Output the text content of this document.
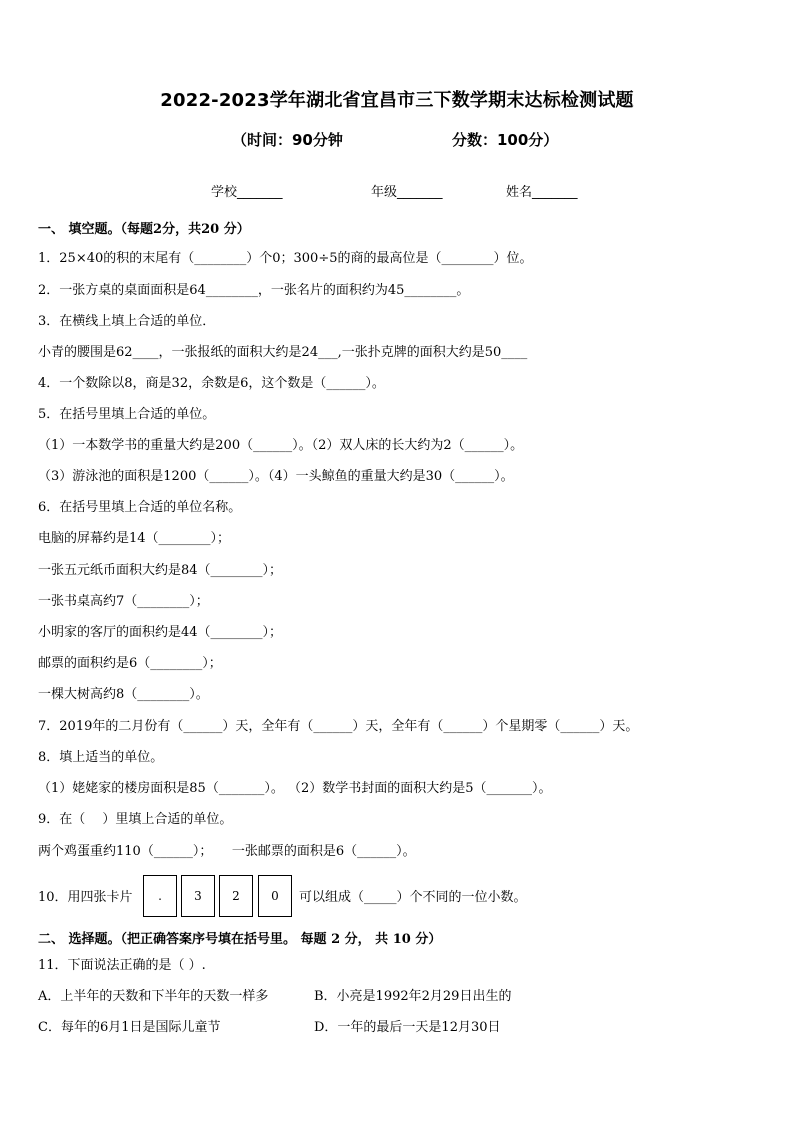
2022-2023学年湖北省宜昌市三下数学期末达标检测试题
（时间：90分钟	分数：100分）
学校_______	年级_______	姓名_______
一、 填空题。（每题2分，共20 分）
1．25×40的积的末尾有（________）个0；300÷5的商的最高位是（________）位。
2．一张方桌的桌面面积是64________，一张名片的面积约为45________。
3．在横线上填上合适的单位．
小青的腰围是62____，一张报纸的面积大约是24___,一张扑克牌的面积大约是50____
4．一个数除以8，商是32，余数是6，这个数是（______）。
5．在括号里填上合适的单位。
（1）一本数学书的重量大约是200（______）。（2）双人床的长大约为2（______）。
（3）游泳池的面积是1200（______）。（4）一头鲸鱼的重量大约是30（______）。
6．在括号里填上合适的单位名称。
电脑的屏幕约是14（________）；
一张五元纸币面积大约是84（________）；
一张书桌高约7（________）；
小明家的客厅的面积约是44（________）；
邮票的面积约是6（________）；
一棵大树高约8（________）。
7．2019年的二月份有（______）天，全年有（______）天，全年有（______）个星期零（______）天。
8．填上适当的单位。
（1）姥姥家的楼房面积是85（_______）。 （2）数学书封面的面积大约是5（_______）。
9．在（　 ）里填上合适的单位。
两个鸡蛋重约110（______）；　　一张邮票的面积是6（______）。
10．用四张卡片	.	3	2	0	可以组成（_____）个不同的一位小数。
二、 选择题。（把正确答案序号填在括号里。 每题 2 分， 共 10 分）
11．下面说法正确的是（ ）.
A．上半年的天数和下半年的天数一样多	B．小亮是1992年2月29日出生的
C．每年的6月1日是国际儿童节	D．一年的最后一天是12月30日
